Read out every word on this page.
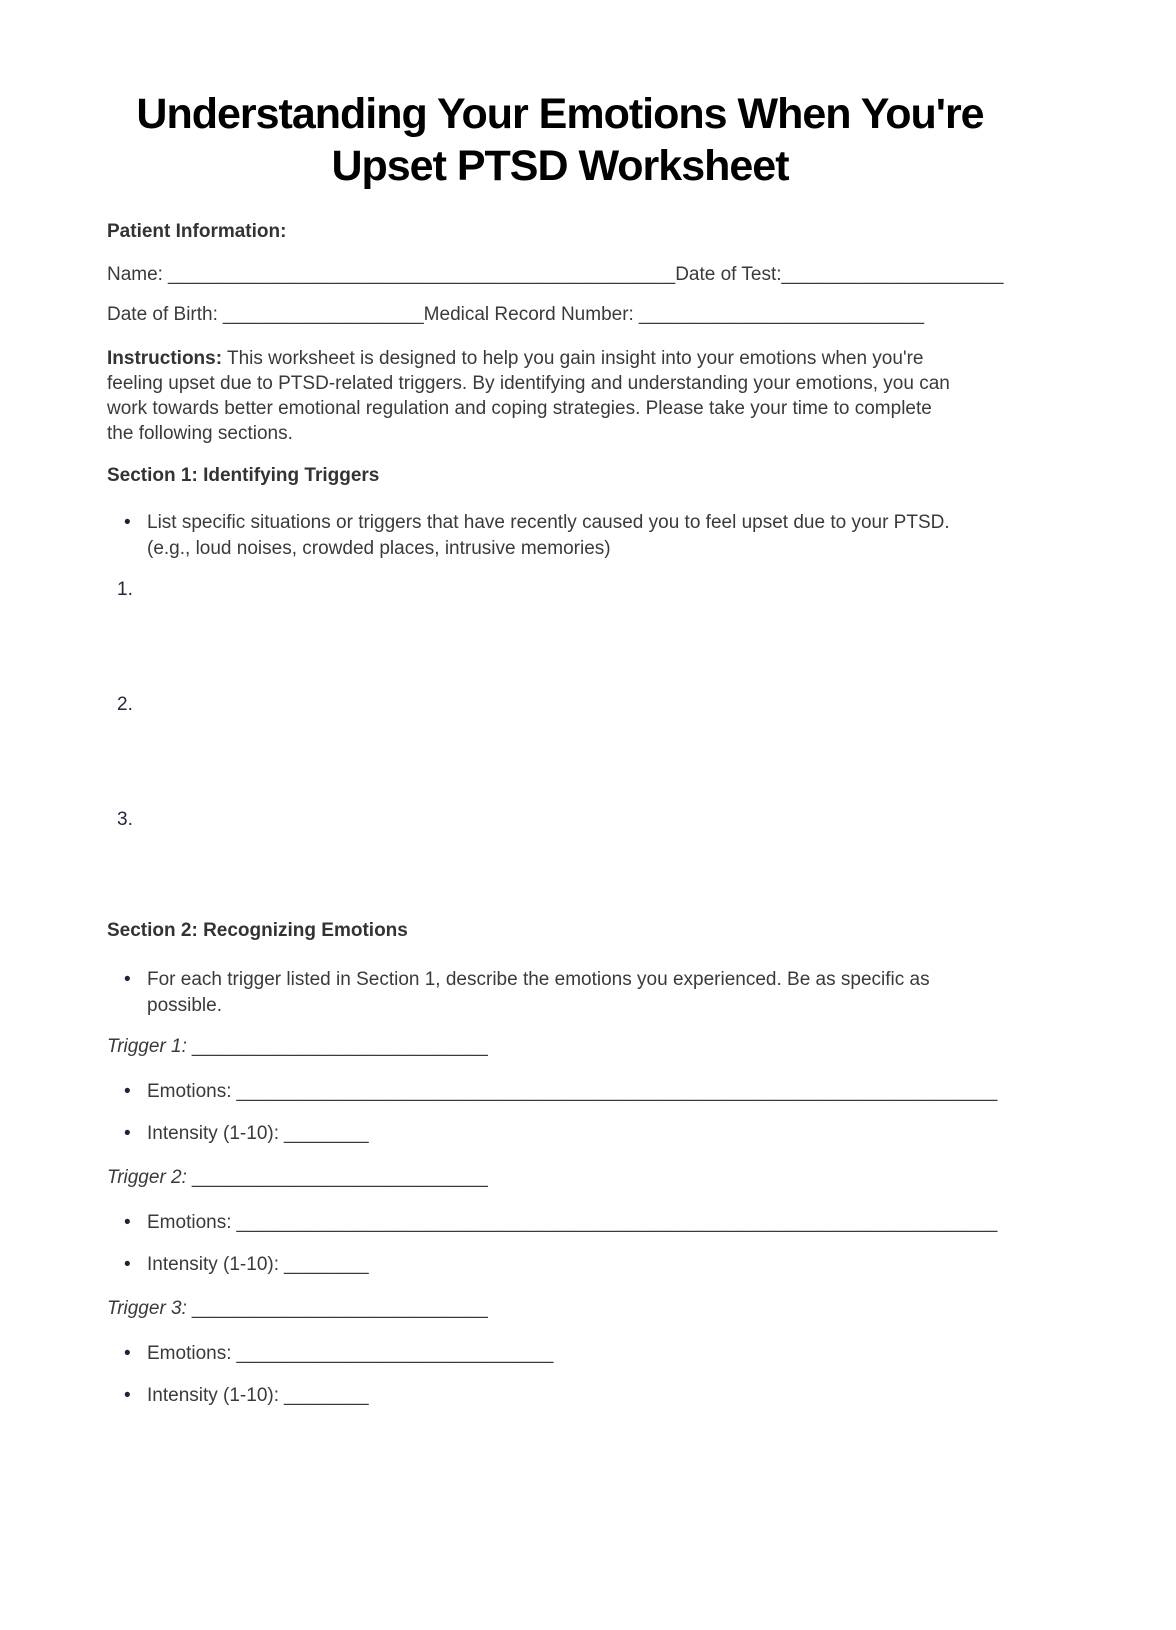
Understanding Your Emotions When You're Upset PTSD Worksheet
Patient Information:
Name: ________________________________________________Date of Test:_____________________
Date of Birth: ___________________Medical Record Number: ___________________________

Instructions: This worksheet is designed to help you gain insight into your emotions when you're feeling upset due to PTSD-related triggers. By identifying and understanding your emotions, you can work towards better emotional regulation and coping strategies. Please take your time to complete the following sections.

Section 1: Identifying Triggers
• List specific situations or triggers that have recently caused you to feel upset due to your PTSD. (e.g., loud noises, crowded places, intrusive memories)
1.
2.
3.
Section 2: Recognizing Emotions
• For each trigger listed in Section 1, describe the emotions you experienced. Be as specific as possible.
Trigger 1: ____________________________
• Emotions: ________________________________________________________________________
• Intensity (1-10): ________
Trigger 2: ____________________________
• Emotions: ________________________________________________________________________
• Intensity (1-10): ________
Trigger 3: ____________________________
• Emotions: ______________________________
• Intensity (1-10): ________
